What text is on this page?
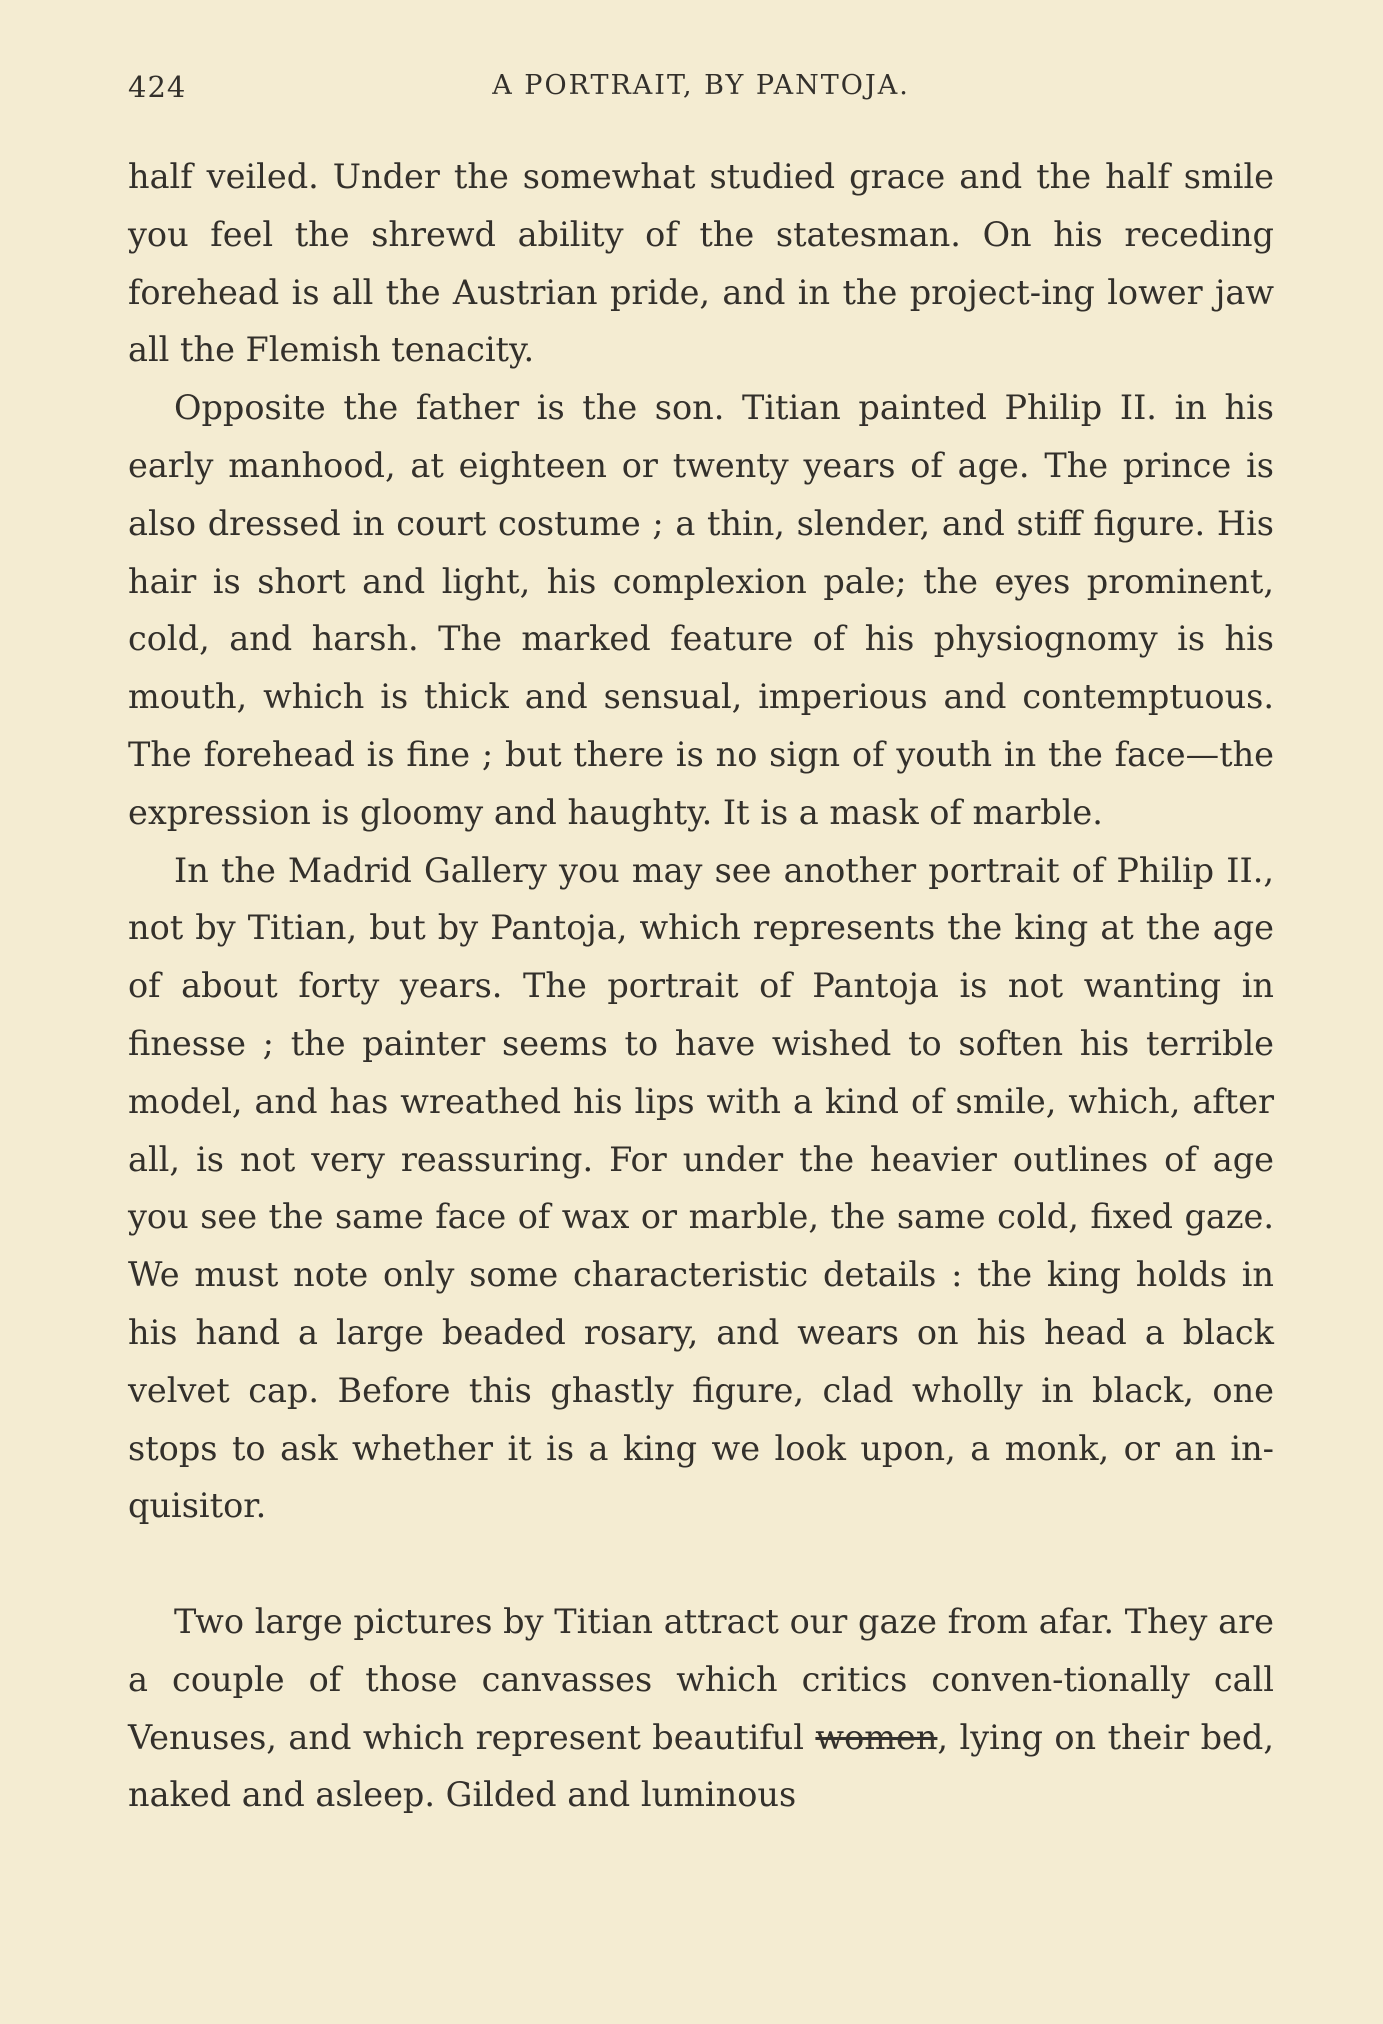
424	A PORTRAIT, BY PANTOJA.

half veiled. Under the somewhat studied grace and the half smile you feel the shrewd ability of the statesman. On his receding forehead is all the Austrian pride, and in the project-ing lower jaw all the Flemish tenacity.

Opposite the father is the son. Titian painted Philip II. in his early manhood, at eighteen or twenty years of age. The prince is also dressed in court costume ; a thin, slender, and stiff figure. His hair is short and light, his complexion pale; the eyes prominent, cold, and harsh. The marked feature of his physiognomy is his mouth, which is thick and sensual, imperious and contemptuous. The forehead is fine ; but there is no sign of youth in the face—the expression is gloomy and haughty. It is a mask of marble.

In the Madrid Gallery you may see another portrait of Philip II., not by Titian, but by Pantoja, which represents the king at the age of about forty years. The portrait of Pantoja is not wanting in finesse ; the painter seems to have wished to soften his terrible model, and has wreathed his lips with a kind of smile, which, after all, is not very reassuring. For under the heavier outlines of age you see the same face of wax or marble, the same cold, fixed gaze. We must note only some characteristic details : the king holds in his hand a large beaded rosary, and wears on his head a black velvet cap. Before this ghastly figure, clad wholly in black, one stops to ask whether it is a king we look upon, a monk, or an in-quisitor.

Two large pictures by Titian attract our gaze from afar. They are a couple of those canvasses which critics conven-tionally call Venuses, and which represent beautiful women, lying on their bed, naked and asleep. Gilded and luminous
